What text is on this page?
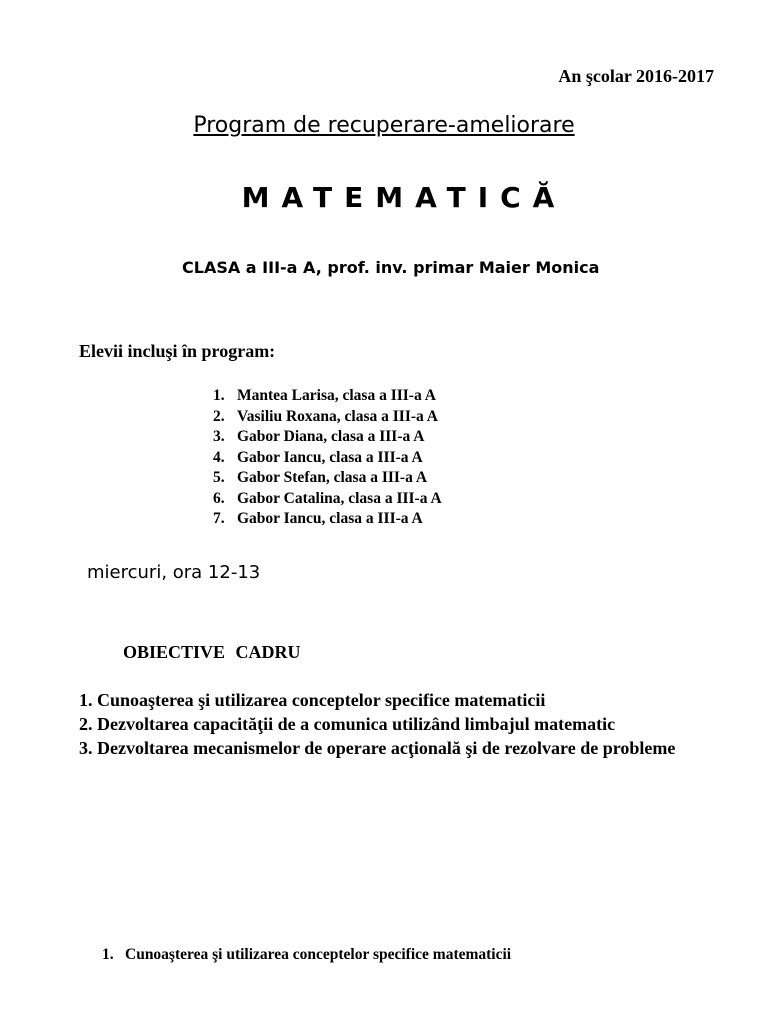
An şcolar 2016-2017
Program de recuperare-ameliorare
MATEMATICĂ
CLASA a III-a A, prof. inv. primar Maier Monica
Elevii incluşi în program:
1. Mantea Larisa, clasa a III-a A
2. Vasiliu Roxana, clasa a III-a A
3. Gabor Diana, clasa a III-a A
4. Gabor Iancu, clasa a III-a A
5. Gabor Stefan, clasa a III-a A
6. Gabor Catalina, clasa a III-a A
7. Gabor Iancu, clasa a III-a A
miercuri, ora 12-13
OBIECTIVE CADRU
1. Cunoaşterea şi utilizarea conceptelor specifice matematicii
2. Dezvoltarea capacităţii de a comunica utilizând limbajul matematic
3. Dezvoltarea mecanismelor de operare acţională şi de rezolvare de probleme
1. Cunoaşterea şi utilizarea conceptelor specifice matematicii
